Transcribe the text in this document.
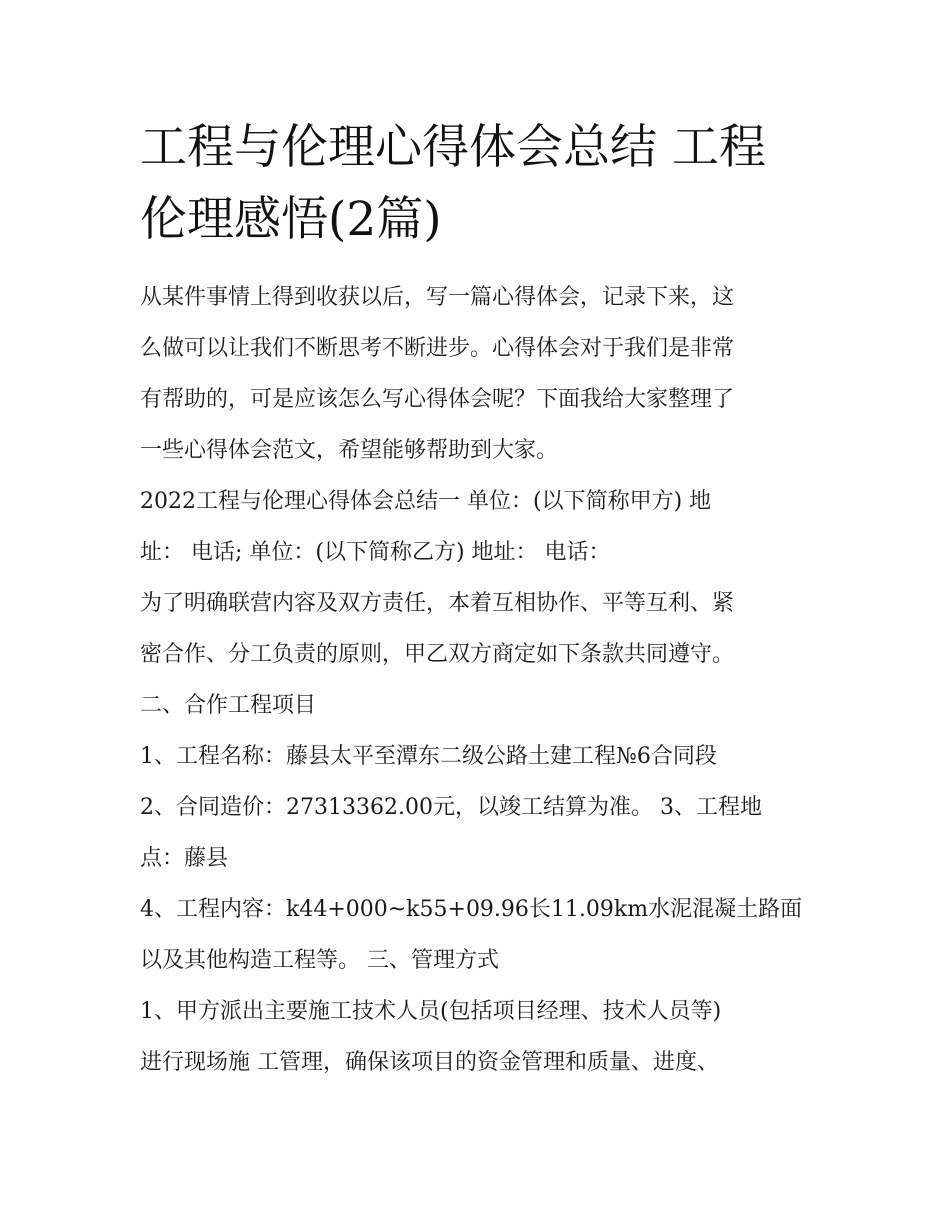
工程与伦理心得体会总结 工程
伦理感悟(2篇)

从某件事情上得到收获以后，写一篇心得体会，记录下来，这
么做可以让我们不断思考不断进步。心得体会对于我们是非常
有帮助的，可是应该怎么写心得体会呢？下面我给大家整理了
一些心得体会范文，希望能够帮助到大家。

2022工程与伦理心得体会总结一 单位：(以下简称甲方) 地
址： 电话; 单位：(以下简称乙方) 地址： 电话：

为了明确联营内容及双方责任，本着互相协作、平等互利、紧
密合作、分工负责的原则，甲乙双方商定如下条款共同遵守。

二、合作工程项目

1、工程名称：藤县太平至潭东二级公路土建工程№6合同段

2、合同造价：27313362.00元，以竣工结算为准。 3、工程地
点：藤县

4、工程内容：k44+000~k55+09.96长11.09km水泥混凝土路面
以及其他构造工程等。 三、管理方式

1、甲方派出主要施工技术人员(包括项目经理、技术人员等)
进行现场施 工管理，确保该项目的资金管理和质量、进度、
